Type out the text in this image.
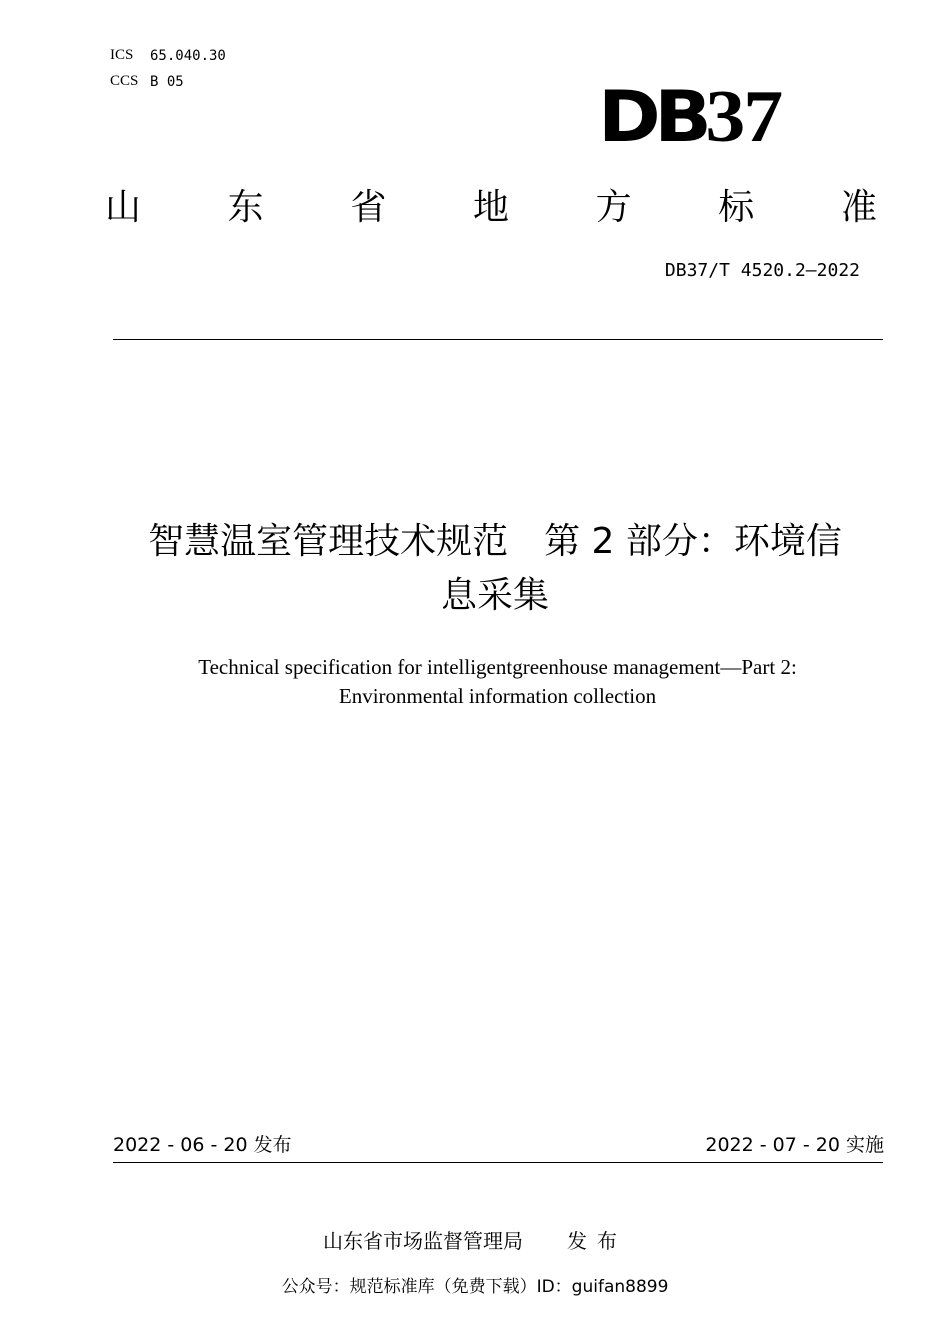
ICS 65.040.30
CCS B 05	DB37
山 东 省 地 方 标 准
DB37/T 4520.2—2022
智慧温室管理技术规范　第 2 部分：环境信
息采集
Technical specification for intelligentgreenhouse management—Part 2:
Environmental information collection
2022 - 06 - 20 发布	2022 - 07 - 20 实施
山东省市场监督管理局 发布
公众号：规范标准库（免费下载）ID：guifan8899
